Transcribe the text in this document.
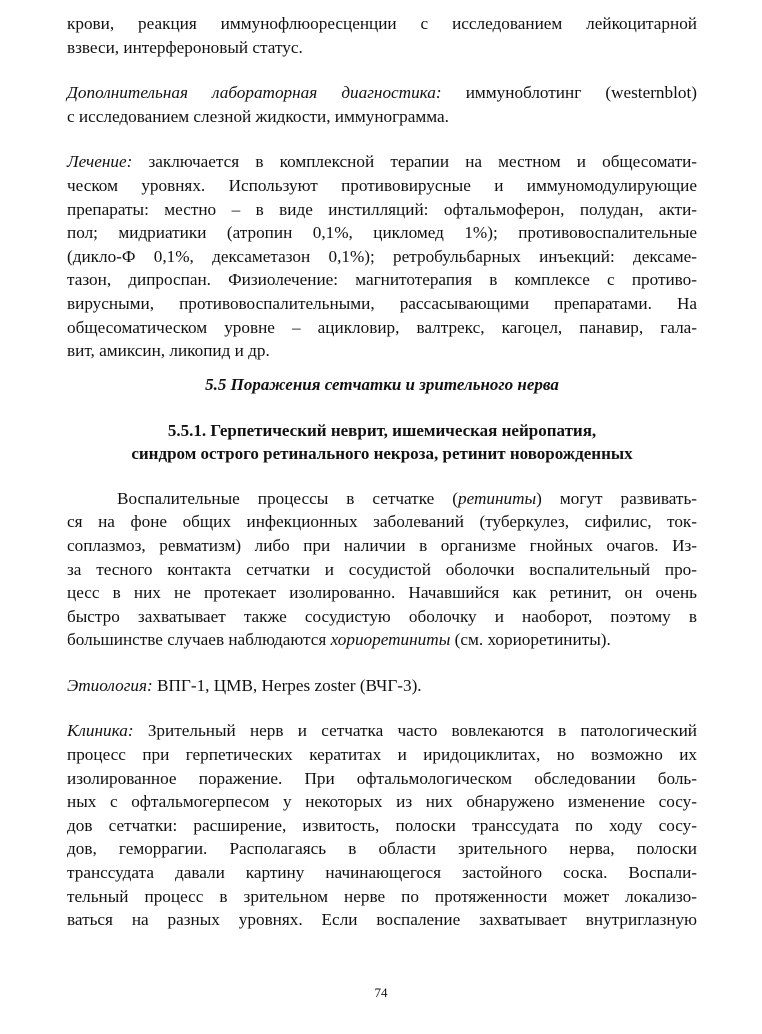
крови, реакция иммунофлюоресценции с исследованием лейкоцитарной
взвеси, интерфероновый статус.
Дополнительная лабораторная диагностика: иммуноблотинг (westernblot)
с исследованием слезной жидкости, иммунограмма.
Лечение: заключается в комплексной терапии на местном и общесомати-
ческом уровнях. Используют противовирусные и иммуномодулирующие
препараты: местно – в виде инстилляций: офтальмоферон, полудан, акти-
пол; мидриатики (атропин 0,1%, цикломед 1%); противовоспалительные
(дикло-Ф 0,1%, дексаметазон 0,1%); ретробульбарных инъекций: дексаме-
тазон, дипроспан. Физиолечение: магнитотерапия в комплексе с противо-
вирусными, противовоспалительными, рассасывающими препаратами. На
общесоматическом уровне – ацикловир, валтрекс, кагоцел, панавир, гала-
вит, амиксин, ликопид и др.
5.5 Поражения сетчатки и зрительного нерва
5.5.1. Герпетический неврит, ишемическая нейропатия,
синдром острого ретинального некроза, ретинит новорожденных
Воспалительные процессы в сетчатке (ретиниты) могут развивать-
ся на фоне общих инфекционных заболеваний (туберкулез, сифилис, ток-
соплазмоз, ревматизм) либо при наличии в организме гнойных очагов. Из-
за тесного контакта сетчатки и сосудистой оболочки воспалительный про-
цесс в них не протекает изолированно. Начавшийся как ретинит, он очень
быстро захватывает также сосудистую оболочку и наоборот, поэтому в
большинстве случаев наблюдаются хориоретиниты (см. хориоретиниты).
Этиология: ВПГ-1, ЦМВ, Herpes zoster (ВЧГ-3).
Клиника: Зрительный нерв и сетчатка часто вовлекаются в патологический
процесс при герпетических кератитах и иридоциклитах, но возможно их
изолированное поражение. При офтальмологическом обследовании боль-
ных с офтальмогерпесом у некоторых из них обнаружено изменение сосу-
дов сетчатки: расширение, извитость, полоски транссудата по ходу сосу-
дов, геморрагии. Располагаясь в области зрительного нерва, полоски
транссудата давали картину начинающегося застойного соска. Воспали-
тельный процесс в зрительном нерве по протяженности может локализо-
ваться на разных уровнях. Если воспаление захватывает внутриглазную
74
